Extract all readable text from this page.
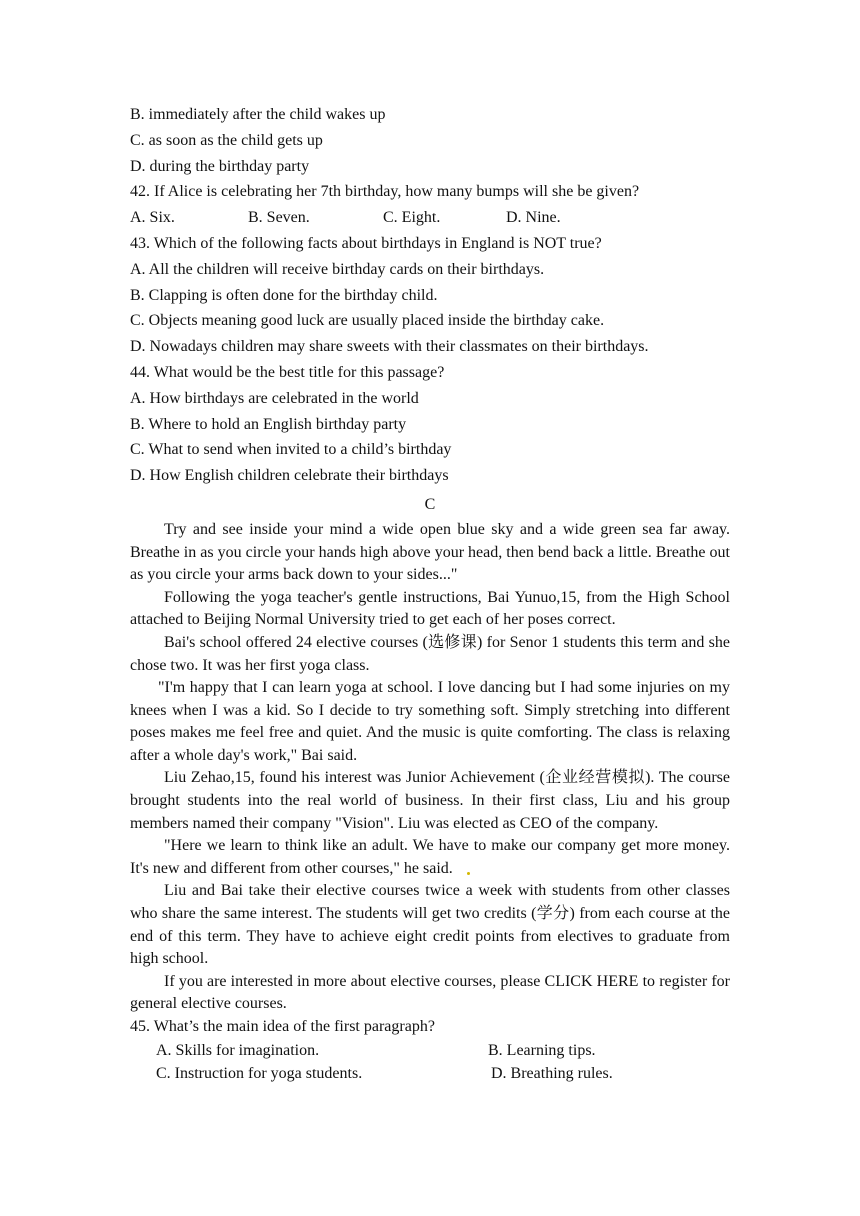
B. immediately after the child wakes up
C. as soon as the child gets up
D. during the birthday party
42. If Alice is celebrating her 7th birthday, how many bumps will she be given?
A. Six.	B. Seven.	C. Eight.	D. Nine.
43. Which of the following facts about birthdays in England is NOT true?
A. All the children will receive birthday cards on their birthdays.
B. Clapping is often done for the birthday child.
C. Objects meaning good luck are usually placed inside the birthday cake.
D. Nowadays children may share sweets with their classmates on their birthdays.
44. What would be the best title for this passage?
A. How birthdays are celebrated in the world
B. Where to hold an English birthday party
C. What to send when invited to a child’s birthday
D. How English children celebrate their birthdays
C

Try and see inside your mind a wide open blue sky and a wide green sea far away. Breathe in as you circle your hands high above your head, then bend back a little. Breathe out as you circle your arms back down to your sides..."

Following the yoga teacher's gentle instructions, Bai Yunuo,15, from the High School attached to Beijing Normal University tried to get each of her poses correct.

Bai's school offered 24 elective courses (选修课) for Senor 1 students this term and she chose two. It was her first yoga class.

"I'm happy that I can learn yoga at school. I love dancing but I had some injuries on my knees when I was a kid. So I decide to try something soft. Simply stretching into different poses makes me feel free and quiet. And the music is quite comforting. The class is relaxing after a whole day's work," Bai said.

Liu Zehao,15, found his interest was Junior Achievement (企业经营模拟). The course brought students into the real world of business. In their first class, Liu and his group members named their company "Vision". Liu was elected as CEO of the company.

"Here we learn to think like an adult. We have to make our company get more money. It's new and different from other courses," he said.

Liu and Bai take their elective courses twice a week with students from other classes who share the same interest. The students will get two credits (学分) from each course at the end of this term. They have to achieve eight credit points from electives to graduate from high school.

If you are interested in more about elective courses, please CLICK HERE to register for general elective courses.

45. What’s the main idea of the first paragraph?
A. Skills for imagination.	B. Learning tips.
C. Instruction for yoga students.	D. Breathing rules.
